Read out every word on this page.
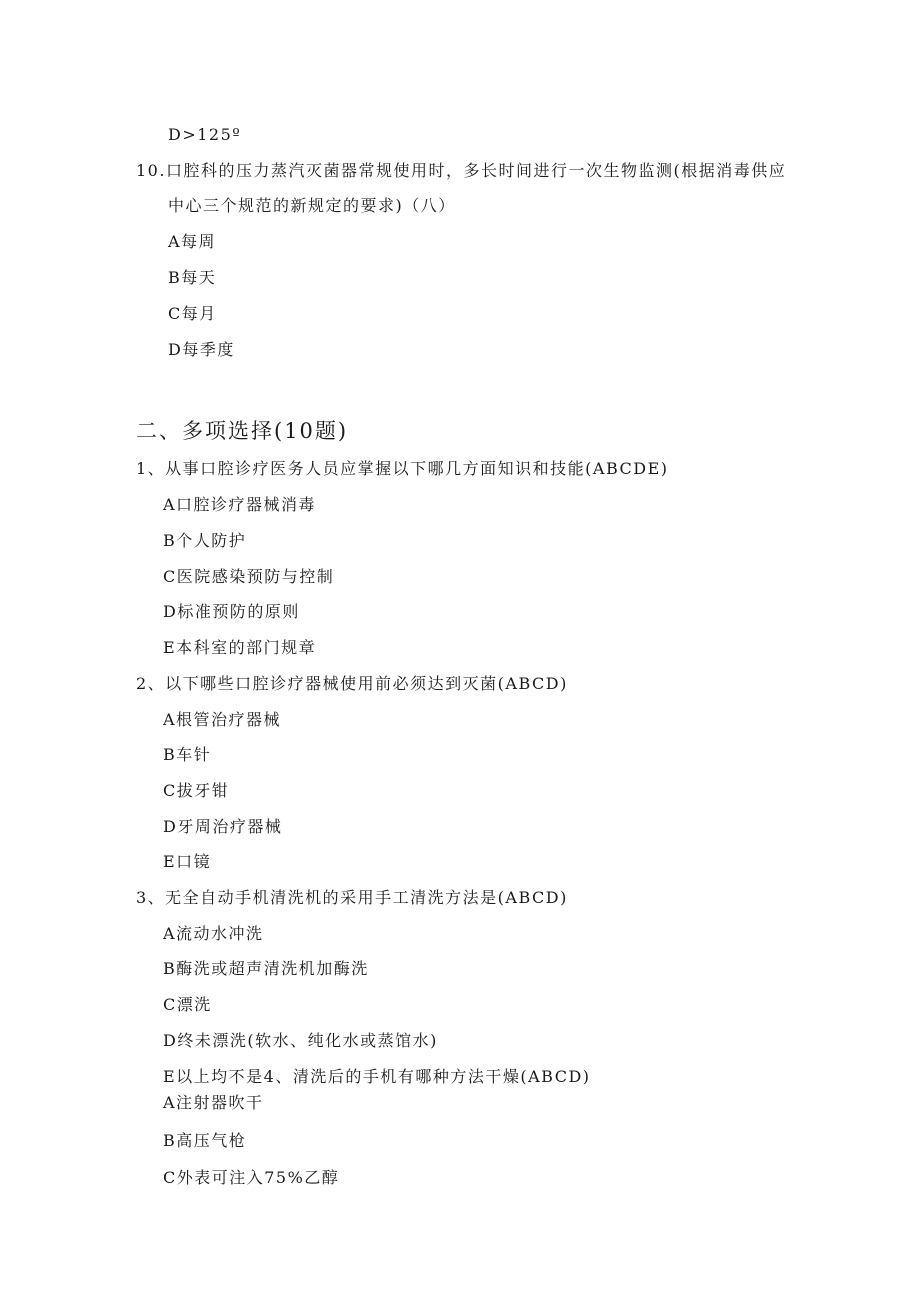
D>125º
10.口腔科的压力蒸汽灭菌器常规使用时，多长时间进行一次生物监测(根据消毒供应
中心三个规范的新规定的要求)（八）
A每周
B每天
C每月
D每季度
二、多项选择(10题)
1、从事口腔诊疗医务人员应掌握以下哪几方面知识和技能(ABCDE)
A口腔诊疗器械消毒
B个人防护
C医院感染预防与控制
D标准预防的原则
E本科室的部门规章
2、以下哪些口腔诊疗器械使用前必须达到灭菌(ABCD)
A根管治疗器械
B车针
C拔牙钳
D牙周治疗器械
E口镜
3、无全自动手机清洗机的采用手工清洗方法是(ABCD)
A流动水冲洗
B酶洗或超声清洗机加酶洗
C漂洗
D终未漂洗(软水、纯化水或蒸馆水)
E以上均不是4、清洗后的手机有哪种方法干燥(ABCD)
A注射器吹干
B高压气枪
C外表可注入75%乙醇
